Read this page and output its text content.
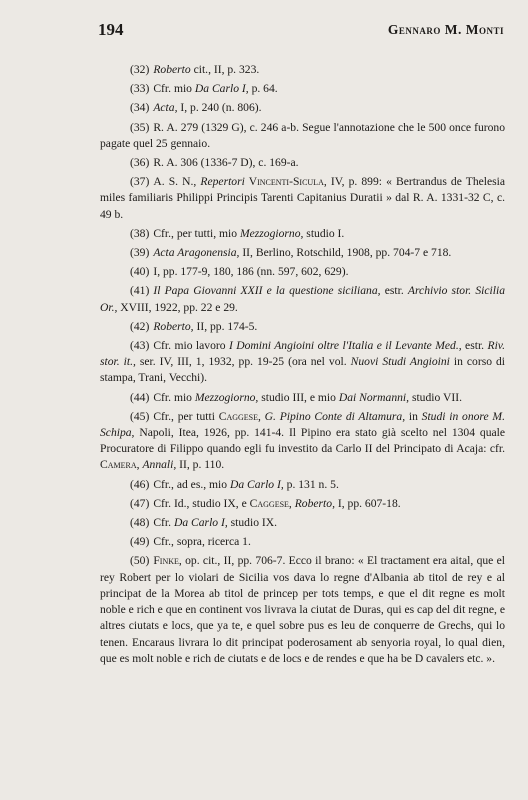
194	Gennaro M. Monti

(32) Roberto cit., II, p. 323.

(33) Cfr. mio Da Carlo I, p. 64.

(34) Acta, I, p. 240 (n. 806).

(35) R. A. 279 (1329 G), c. 246 a-b. Segue l'annotazione che le 500 once furono pagate quel 25 gennaio.

(36) R. A. 306 (1336-7 D), c. 169-a.

(37) A. S. N., Repertori Vincenti-Sicula, IV, p. 899: « Bertrandus de Thelesia miles familiaris Philippi Principis Tarenti Capitanius Duratii » dal R. A. 1331-32 C, c. 49 b.

(38) Cfr., per tutti, mio Mezzogiorno, studio I.

(39) Acta Aragonensia, II, Berlino, Rotschild, 1908, pp. 704-7 e 718.

(40) I, pp. 177-9, 180, 186 (nn. 597, 602, 629).

(41) Il Papa Giovanni XXII e la questione siciliana, estr. Archivio stor. Sicilia Or., XVIII, 1922, pp. 22 e 29.

(42) Roberto, II, pp. 174-5.

(43) Cfr. mio lavoro I Domini Angioini oltre l'Italia e il Levante Med., estr. Riv. stor. it., ser. IV, III, 1, 1932, pp. 19-25 (ora nel vol. Nuovi Studi Angioini in corso di stampa, Trani, Vecchi).

(44) Cfr. mio Mezzogiorno, studio III, e mio Dai Normanni, studio VII.

(45) Cfr., per tutti Caggese, G. Pipino Conte di Altamura, in Studi in onore M. Schipa, Napoli, Itea, 1926, pp. 141-4. Il Pipino era stato già scelto nel 1304 quale Procuratore di Filippo quando egli fu investito da Carlo II del Principato di Acaja: cfr. Camera, Annali, II, p. 110.

(46) Cfr., ad es., mio Da Carlo I, p. 131 n. 5.

(47) Cfr. Id., studio IX, e Caggese, Roberto, I, pp. 607-18.

(48) Cfr. Da Carlo I, studio IX.

(49) Cfr., sopra, ricerca 1.

(50) Finke, op. cit., II, pp. 706-7. Ecco il brano: « El tractament era aital, que el rey Robert per lo violari de Sicilia vos dava lo regne d'Albania ab titol de rey e al principat de la Morea ab titol de princep per tots temps, e que el dit regne es molt noble e rich e que en continent vos livrava la ciutat de Duras, qui es cap del dit regne, e altres ciutats e locs, que ya te, e quel sobre pus es leu de conquerre de Grechs, qui lo tenen. Encaraus livrara lo dit principat poderosament ab senyoria royal, lo qual dien, que es molt noble e rich de ciutats e de locs e de rendes e que ha be D cavalers etc. ».
